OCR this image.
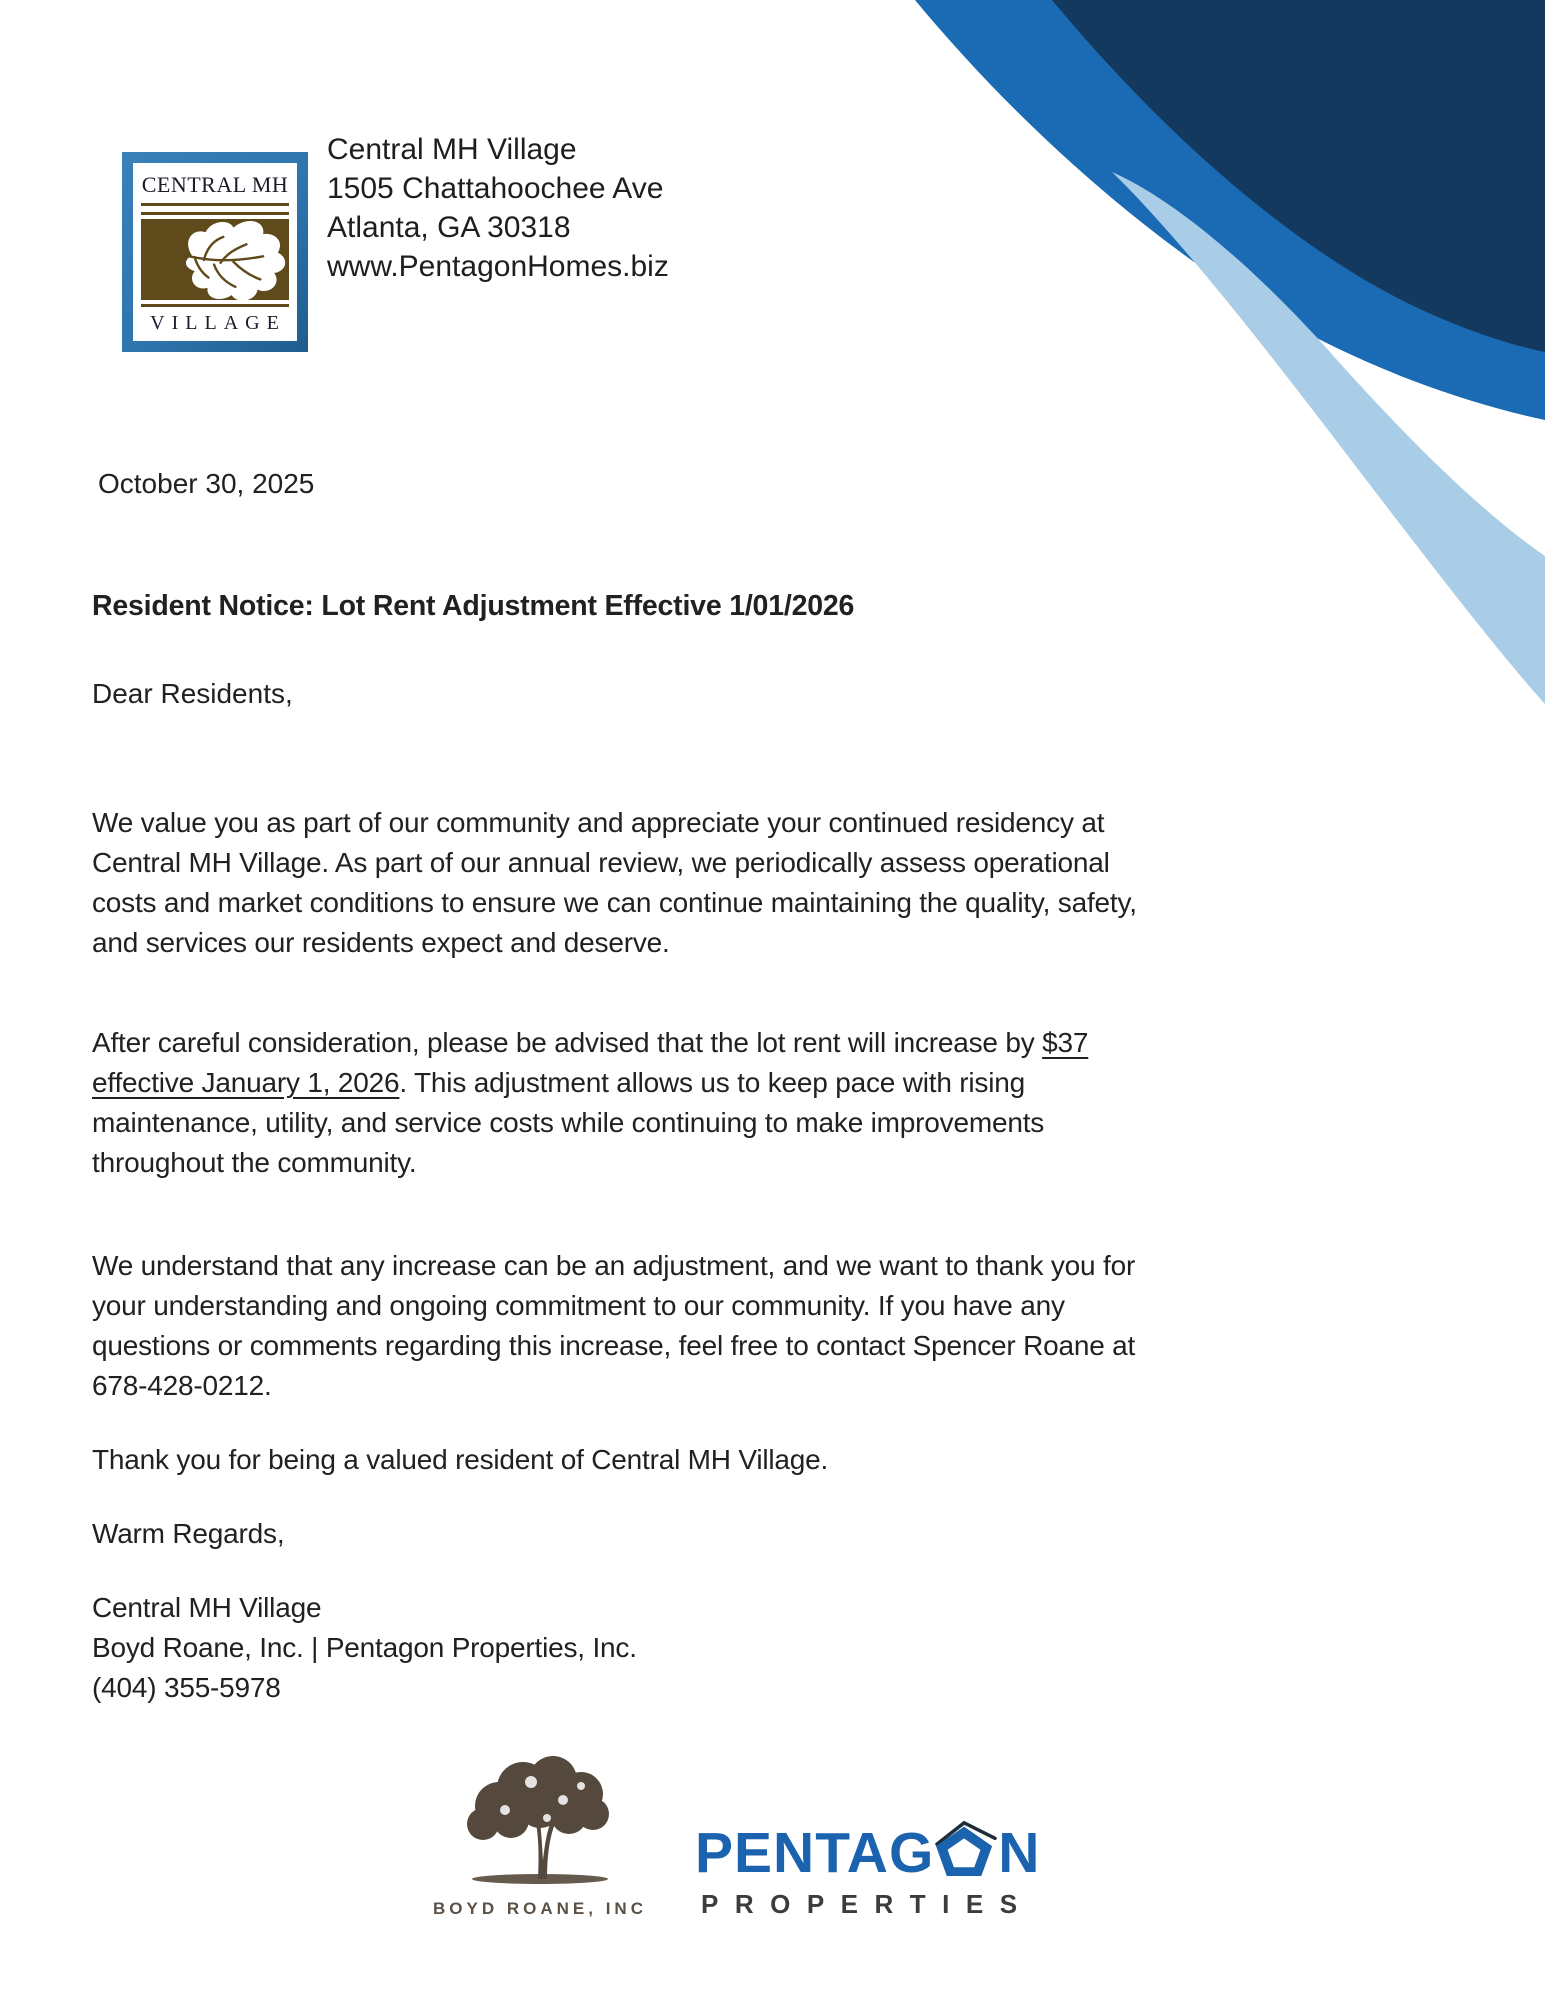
CENTRAL MH
VILLAGE
Central MH Village
1505 Chattahoochee Ave
Atlanta, GA 30318
www.PentagonHomes.biz
October 30, 2025
Resident Notice: Lot Rent Adjustment Effective 1/01/2026
Dear Residents,

We value you as part of our community and appreciate your continued residency at Central MH Village. As part of our annual review, we periodically assess operational costs and market conditions to ensure we can continue maintaining the quality, safety, and services our residents expect and deserve.

After careful consideration, please be advised that the lot rent will increase by $37 effective January 1, 2026. This adjustment allows us to keep pace with rising maintenance, utility, and service costs while continuing to make improvements throughout the community.

We understand that any increase can be an adjustment, and we want to thank you for your understanding and ongoing commitment to our community. If you have any questions or comments regarding this increase, feel free to contact Spencer Roane at 678-428-0212.

Thank you for being a valued resident of Central MH Village.
Warm Regards,
Central MH Village
Boyd Roane, Inc. | Pentagon Properties, Inc.
(404) 355-5978
BOYD ROANE, INC
PENTAG N
PROPERTIES
